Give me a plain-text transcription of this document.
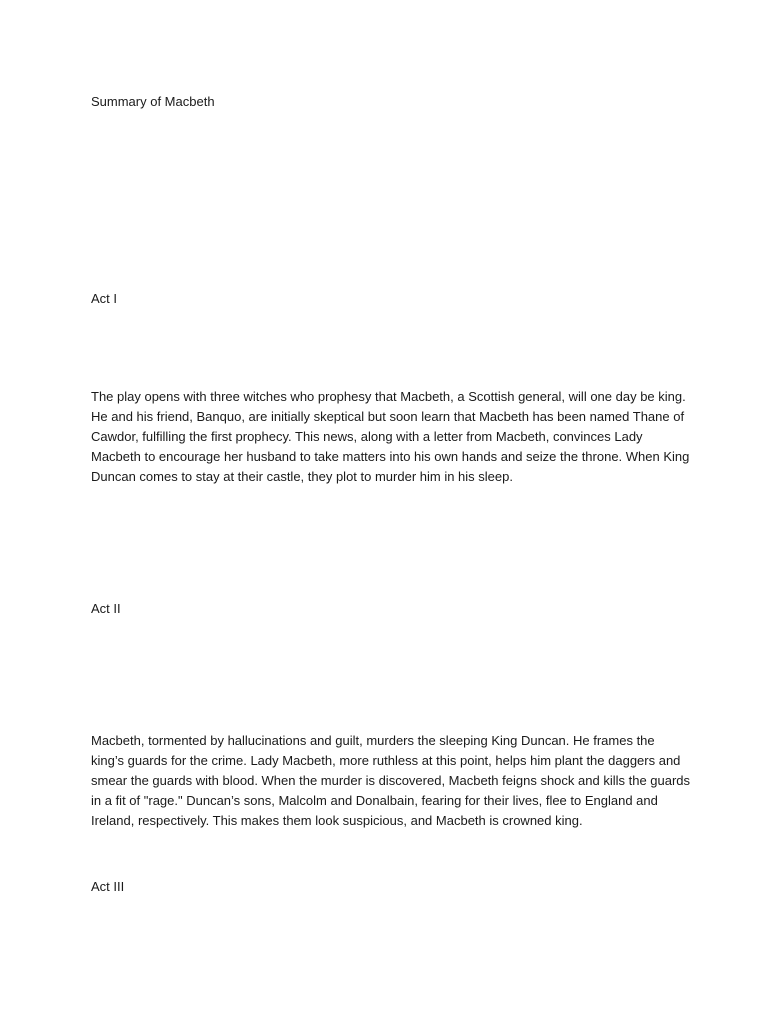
Summary of Macbeth

Act I

The play opens with three witches who prophesy that Macbeth, a Scottish general, will one day be king. He and his friend, Banquo, are initially skeptical but soon learn that Macbeth has been named Thane of Cawdor, fulfilling the first prophecy. This news, along with a letter from Macbeth, convinces Lady Macbeth to encourage her husband to take matters into his own hands and seize the throne. When King Duncan comes to stay at their castle, they plot to murder him in his sleep.

Act II

Macbeth, tormented by hallucinations and guilt, murders the sleeping King Duncan. He frames the king’s guards for the crime. Lady Macbeth, more ruthless at this point, helps him plant the daggers and smear the guards with blood. When the murder is discovered, Macbeth feigns shock and kills the guards in a fit of "rage." Duncan’s sons, Malcolm and Donalbain, fearing for their lives, flee to England and Ireland, respectively. This makes them look suspicious, and Macbeth is crowned king.

Act III
